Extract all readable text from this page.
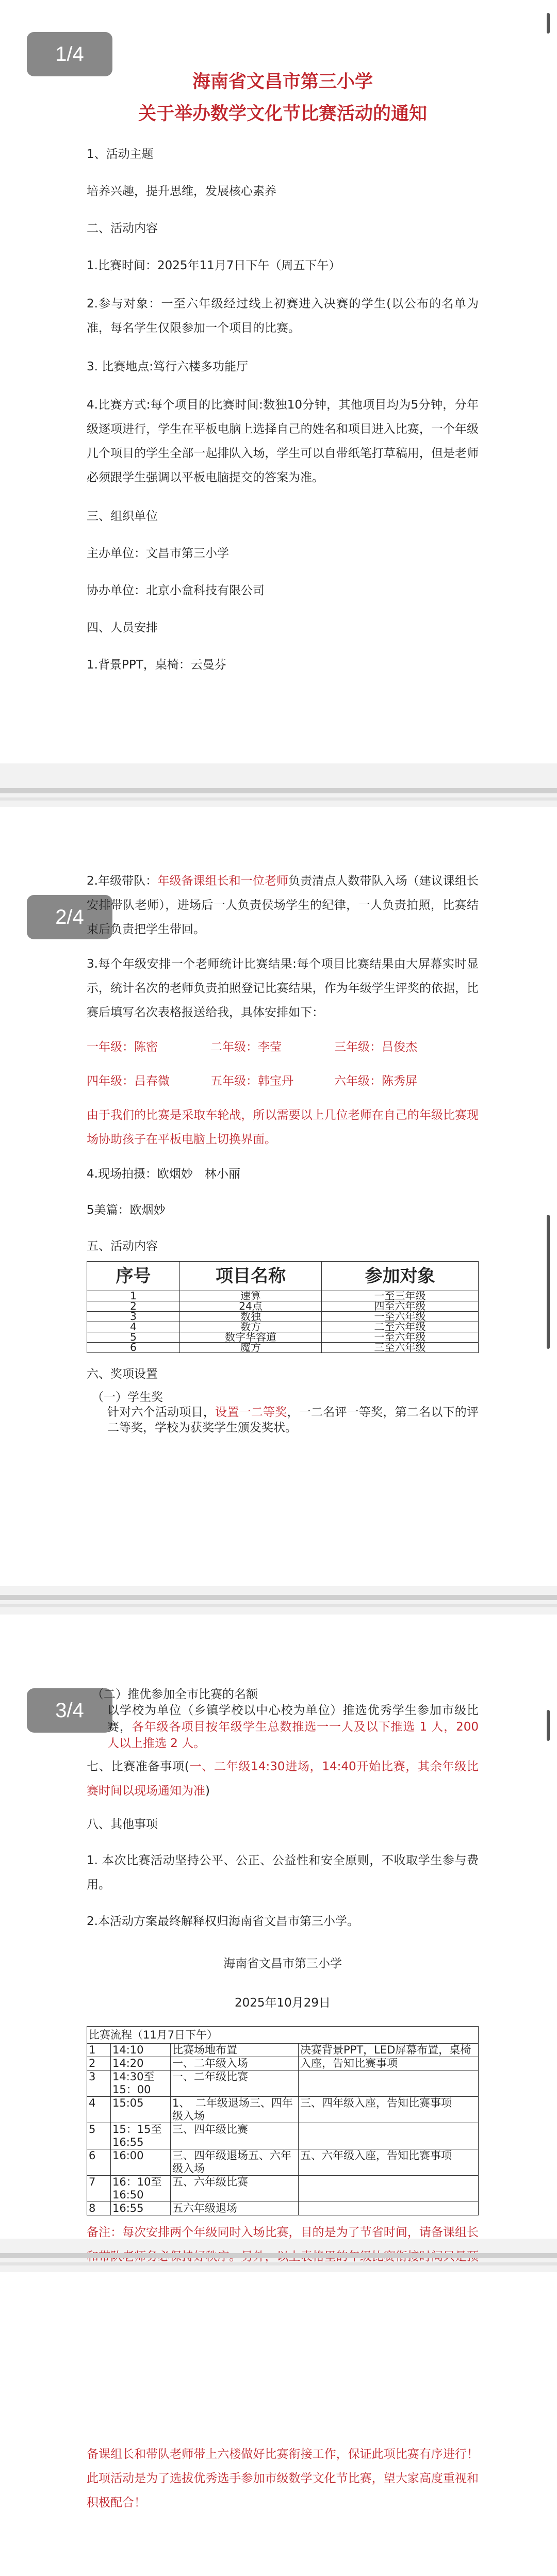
1/4
海南省文昌市第三小学
关于举办数学文化节比赛活动的通知

1、活动主题

培养兴趣，提升思维，发展核心素养

二、活动内容

1.比赛时间：2025年11月7日下午（周五下午）

2.参与对象：一至六年级经过线上初赛进入决赛的学生(以公布的名单为准，每名学生仅限参加一个项目的比赛。

3. 比赛地点:笃行六楼多功能厅

4.比赛方式:每个项目的比赛时间:数独10分钟，其他项目均为5分钟，分年级逐项进行，学生在平板电脑上选择自己的姓名和项目进入比赛，一个年级几个项目的学生全部一起排队入场，学生可以自带纸笔打草稿用，但是老师必须跟学生强调以平板电脑提交的答案为准。

三、组织单位

主办单位：文昌市第三小学

协办单位：北京小盒科技有限公司

四、人员安排

1.背景PPT，桌椅：云曼芬

2/4

2.年级带队：年级备课组长和一位老师负责清点人数带队入场（建议课组长安排带队老师），进场后一人负责侯场学生的纪律，一人负责拍照，比赛结束后负责把学生带回。

3.每个年级安排一个老师统计比赛结果:每个项目比赛结果由大屏幕实时显示，统计名次的老师负责拍照登记比赛结果，作为年级学生评奖的依据，比赛后填写名次表格报送给我，具体安排如下：

一年级：陈密	二年级：李莹	三年级：吕俊杰
四年级：吕春微	五年级：韩宝丹	六年级：陈秀屏

由于我们的比赛是采取车轮战，所以需要以上几位老师在自己的年级比赛现场协助孩子在平板电脑上切换界面。

4.现场拍摄：欧烟妙　林小丽

5美篇：欧烟妙

五、活动内容

序号	项目名称	参加对象
1	速算	一至三年级
2	24点	四至六年级
3	数独	一至六年级
4	数方	二至六年级
5	数字华容道	一至六年级
6	魔方	三至六年级

六、奖项设置

（一）学生奖

针对六个活动项目，设置一二等奖，一二名评一等奖，第二名以下的评二等奖，学校为获奖学生颁发奖状。

3/4

（二）推优参加全市比赛的名额

以学校为单位（乡镇学校以中心校为单位）推选优秀学生参加市级比赛，各年级各项目按年级学生总数推选一一人及以下推选 1 人，200 人以上推选 2 人。

七、比赛准备事项(一、二年级14:30进场，14:40开始比赛，其余年级比赛时间以现场通知为准)

八、其他事项

1. 本次比赛活动坚持公平、公正、公益性和安全原则，不收取学生参与费用。

2.本活动方案最终解释权归海南省文昌市第三小学。

海南省文昌市第三小学

2025年10月29日

比赛流程（11月7日下午）			
1	14:10	比赛场地布置	决赛背景PPT，LED屏幕布置，桌椅
2	14:20	一、二年级入场	入座，告知比赛事项
3	14:30至15：00	一、二年级比赛	
4	15:05	1、　二年级退场三、四年级入场	三、四年级入座，告知比赛事项
5	15：15至16:55	三、四年级比赛	
6	16:00	三、四年级退场五、六年级入场	五、六年级入座，告知比赛事项
7	16：10至16:50	五、六年级比赛	
8	16:55	五六年级退场	

备注：每次安排两个年级同时入场比赛，目的是为了节省时间，请备课组长

备课组长和带队老师带上六楼做好比赛衔接工作，保证此项比赛有序进行！此项活动是为了选拔优秀选手参加市级数学文化节比赛，望大家高度重视和积极配合！
